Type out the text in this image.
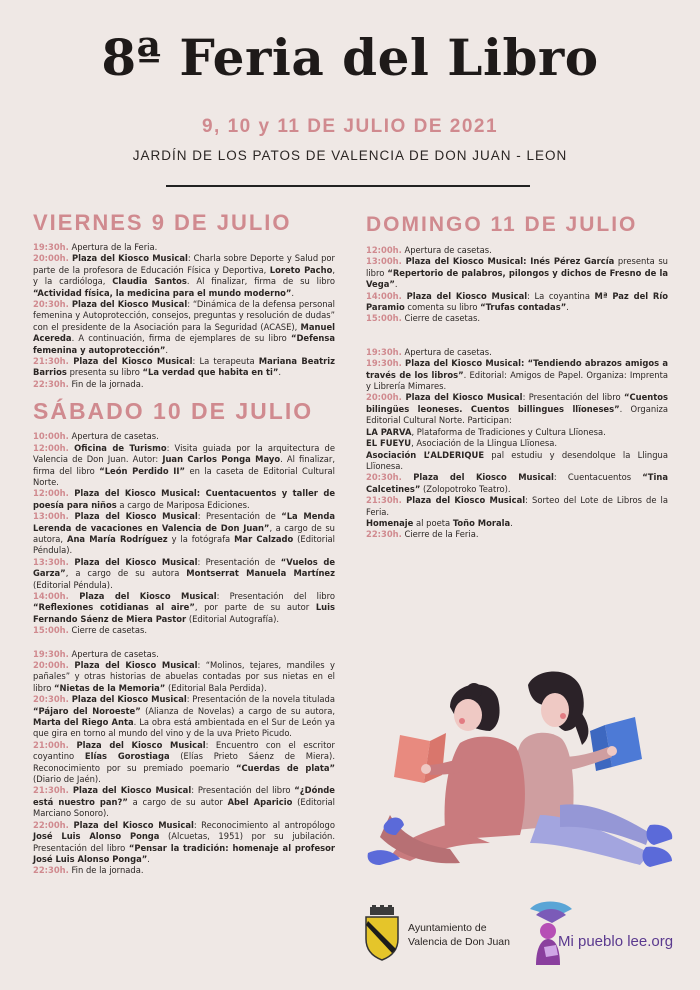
8ª Feria del Libro
9, 10 y 11 DE JULIO DE 2021
JARDÍN DE LOS PATOS DE VALENCIA DE DON JUAN - LEON
VIERNES 9 DE JULIO

19:30h. Apertura de la Feria.

20:00h. Plaza del Kiosco Musical: Charla sobre Deporte y Salud por parte de la profesora de Educación Física y Deportiva, Loreto Pacho, y la cardióloga, Claudia Santos. Al finalizar, firma de su libro “Actividad física, la medicina para el mundo moderno”.

20:30h. Plaza del Kiosco Musical: “Dinámica de la defensa personal femenina y Autoprotección, consejos, preguntas y resolución de dudas” con el presidente de la Asociación para la Seguridad (ACASE), Manuel Acereda. A continuación, firma de ejemplares de su libro “Defensa femenina y autoprotección”.

21:30h. Plaza del Kiosco Musical: La terapeuta Mariana Beatriz Barrios presenta su libro “La verdad que habita en ti”.

22:30h. Fin de la jornada.

SÁBADO 10 DE JULIO

10:00h. Apertura de casetas.

12:00h. Oficina de Turismo: Visita guiada por la arquitectura de Valencia de Don Juan. Autor: Juan Carlos Ponga Mayo. Al finalizar, firma del libro “León Perdido II” en la caseta de Editorial Cultural Norte.

12:00h. Plaza del Kiosco Musical: Cuentacuentos y taller de poesía para niños a cargo de Mariposa Ediciones.

13:00h. Plaza del Kiosco Musical: Presentación de “La Menda Lerenda de vacaciones en Valencia de Don Juan”, a cargo de su autora, Ana María Rodríguez y la fotógrafa Mar Calzado (Editorial Péndula).

13:30h. Plaza del Kiosco Musical: Presentación de “Vuelos de Garza”, a cargo de su autora Montserrat Manuela Martínez (Editorial Péndula).

14:00h. Plaza del Kiosco Musical: Presentación del libro “Reflexiones cotidianas al aire”, por parte de su autor Luis Fernando Sáenz de Miera Pastor (Editorial Autografía).

15:00h. Cierre de casetas.

19:30h. Apertura de casetas.

20:00h. Plaza del Kiosco Musical: “Molinos, tejares, mandiles y pañales” y otras historias de abuelas contadas por sus nietas en el libro “Nietas de la Memoria” (Editorial Bala Perdida).

20:30h. Plaza del Kiosco Musical: Presentación de la novela titulada “Pájaro del Noroeste” (Alianza de Novelas) a cargo de su autora, Marta del Riego Anta. La obra está ambientada en el Sur de León ya que gira en torno al mundo del vino y de la uva Prieto Picudo.

21:00h. Plaza del Kiosco Musical: Encuentro con el escritor coyantino Elías Gorostiaga (Elías Prieto Sáenz de Miera). Reconocimiento por su premiado poemario “Cuerdas de plata” (Diario de Jaén).

21:30h. Plaza del Kiosco Musical: Presentación del libro “¿Dónde está nuestro pan?” a cargo de su autor Abel Aparicio (Editorial Marciano Sonoro).

22:00h. Plaza del Kiosco Musical: Reconocimiento al antropólogo José Luis Alonso Ponga (Alcuetas, 1951) por su jubilación. Presentación del libro “Pensar la tradición: homenaje al profesor José Luis Alonso Ponga”.

22:30h. Fin de la jornada.

DOMINGO 11 DE JULIO

12:00h. Apertura de casetas.

13:00h. Plaza del Kiosco Musical: Inés Pérez García presenta su libro “Repertorio de palabros, pilongos y dichos de Fresno de la Vega”.

14:00h. Plaza del Kiosco Musical: La coyantina Mª Paz del Río Paramio comenta su libro “Trufas contadas”.

15:00h. Cierre de casetas.

19:30h. Apertura de casetas.

19:30h. Plaza del Kiosco Musical: “Tendiendo abrazos amigos a través de los libros”. Editorial: Amigos de Papel. Organiza: Imprenta y Librería Mimares.

20:00h. Plaza del Kiosco Musical: Presentación del libro “Cuentos bilingües leoneses. Cuentos billingues llïoneses”. Organiza Editorial Cultural Norte. Participan:

LA PARVA, Plataforma de Tradiciones y Cultura Llïonesa.

EL FUEYU, Asociación de la Llingua Llïonesa.

Asociación L’ALDERIQUE pal estudiu y desendolque la Llingua Llïonesa.

20:30h. Plaza del Kiosco Musical: Cuentacuentos “Tina Calcetines” (Zolopotroko Teatro).

21:30h. Plaza del Kiosco Musical: Sorteo del Lote de Libros de la Feria.

Homenaje al poeta Toño Morala.

22:30h. Cierre de la Feria.

Ayuntamiento de
Valencia de Don Juan	Mi pueblo lee.org
